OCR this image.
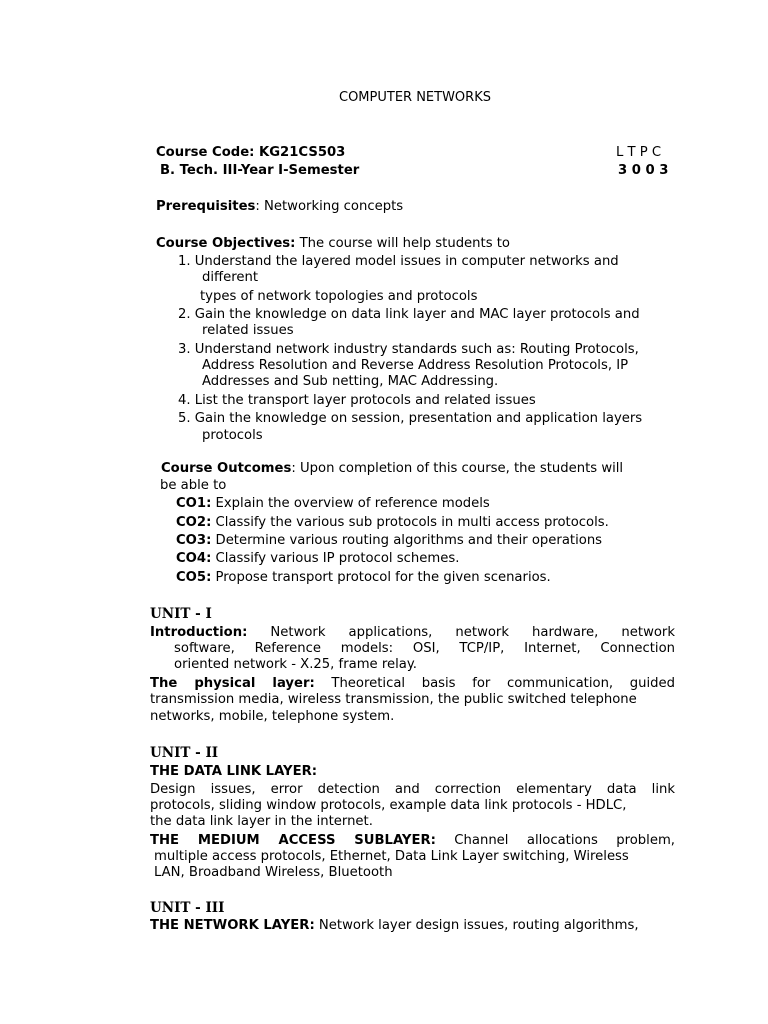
COMPUTER NETWORKS
Course Code: KG21CS503
B. Tech. III-Year I-Semester
L T P C
3 0 0 3
Prerequisites: Networking concepts
Course Objectives: The course will help students to
1. Understand the layered model issues in computer networks and
different
types of network topologies and protocols
2. Gain the knowledge on data link layer and MAC layer protocols and
related issues
3. Understand network industry standards such as: Routing Protocols,
Address Resolution and Reverse Address Resolution Protocols, IP
Addresses and Sub netting, MAC Addressing.
4. List the transport layer protocols and related issues
5. Gain the knowledge on session, presentation and application layers
protocols
Course Outcomes: Upon completion of this course, the students will
be able to
CO1: Explain the overview of reference models
CO2: Classify the various sub protocols in multi access protocols.
CO3: Determine various routing algorithms and their operations
CO4: Classify various IP protocol schemes.
CO5: Propose transport protocol for the given scenarios.
UNIT - I
Introduction: Network applications, network hardware, network
software, Reference models: OSI, TCP/IP, Internet, Connection
oriented network - X.25, frame relay.
The physical layer: Theoretical basis for communication, guided
transmission media, wireless transmission, the public switched telephone
networks, mobile, telephone system.
UNIT - II
THE DATA LINK LAYER:
Design issues, error detection and correction elementary data link
protocols, sliding window protocols, example data link protocols - HDLC,
the data link layer in the internet.
THE MEDIUM ACCESS SUBLAYER: Channel allocations problem,
multiple access protocols, Ethernet, Data Link Layer switching, Wireless
LAN, Broadband Wireless, Bluetooth
UNIT - III
THE NETWORK LAYER: Network layer design issues, routing algorithms,
